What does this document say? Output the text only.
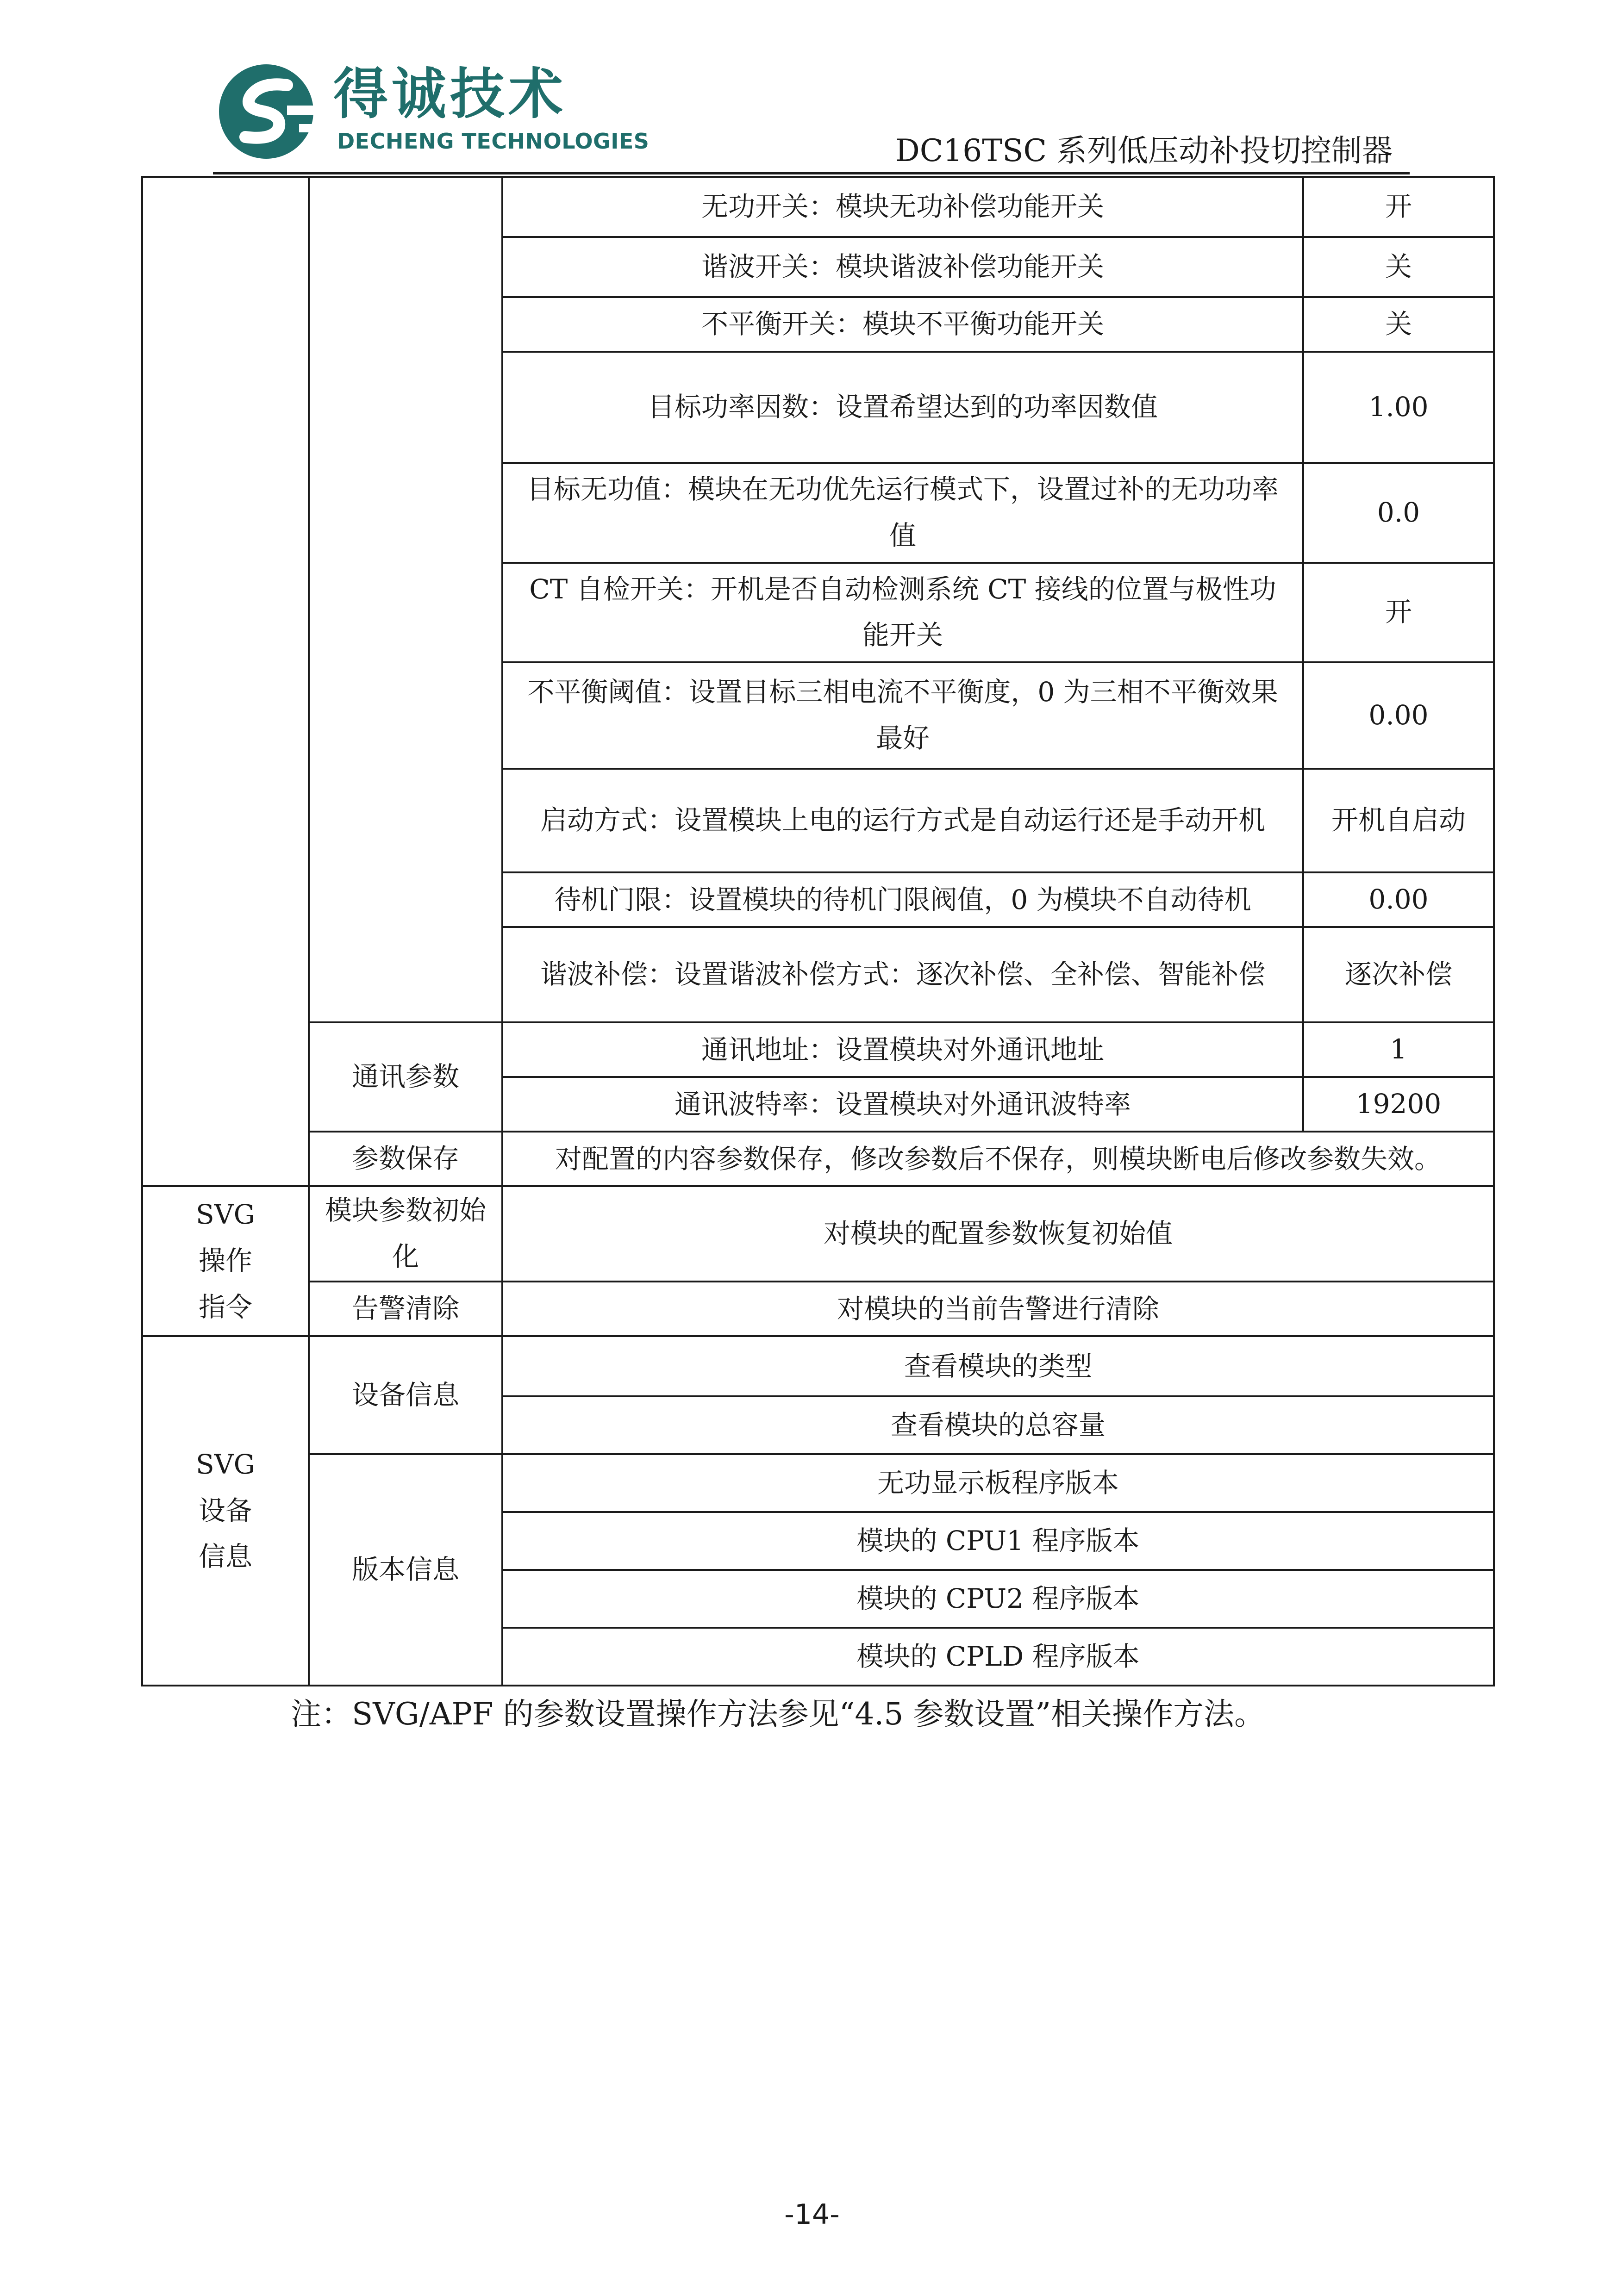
得诚技术
DECHENG TECHNOLOGIES	DC16TSC 系列低压动补投切控制器
		无功开关：模块无功补偿功能开关	开
		谐波开关：模块谐波补偿功能开关	关
		不平衡开关：模块不平衡功能开关	关
		目标功率因数：设置希望达到的功率因数值	1.00
		目标无功值：模块在无功优先运行模式下，设置过补的无功功率值	0.0
		CT 自检开关：开机是否自动检测系统 CT 接线的位置与极性功能开关	开
		不平衡阈值：设置目标三相电流不平衡度，0 为三相不平衡效果最好	0.00
		启动方式：设置模块上电的运行方式是自动运行还是手动开机	开机自启动
		待机门限：设置模块的待机门限阀值，0 为模块不自动待机	0.00
		谐波补偿：设置谐波补偿方式：逐次补偿、全补偿、智能补偿	逐次补偿
	通讯参数	通讯地址：设置模块对外通讯地址	1
		通讯波特率：设置模块对外通讯波特率	19200
	参数保存	对配置的内容参数保存，修改参数后不保存，则模块断电后修改参数失效。	
SVG
操作
指令	模块参数初始化	对模块的配置参数恢复初始值	
	告警清除	对模块的当前告警进行清除	
SVG
设备
信息	设备信息	查看模块的类型	
		查看模块的总容量	
	版本信息	无功显示板程序版本	
		模块的 CPU1 程序版本	
		模块的 CPU2 程序版本	
		模块的 CPLD 程序版本	
注：SVG/APF 的参数设置操作方法参见“4.5 参数设置”相关操作方法。
-14-
